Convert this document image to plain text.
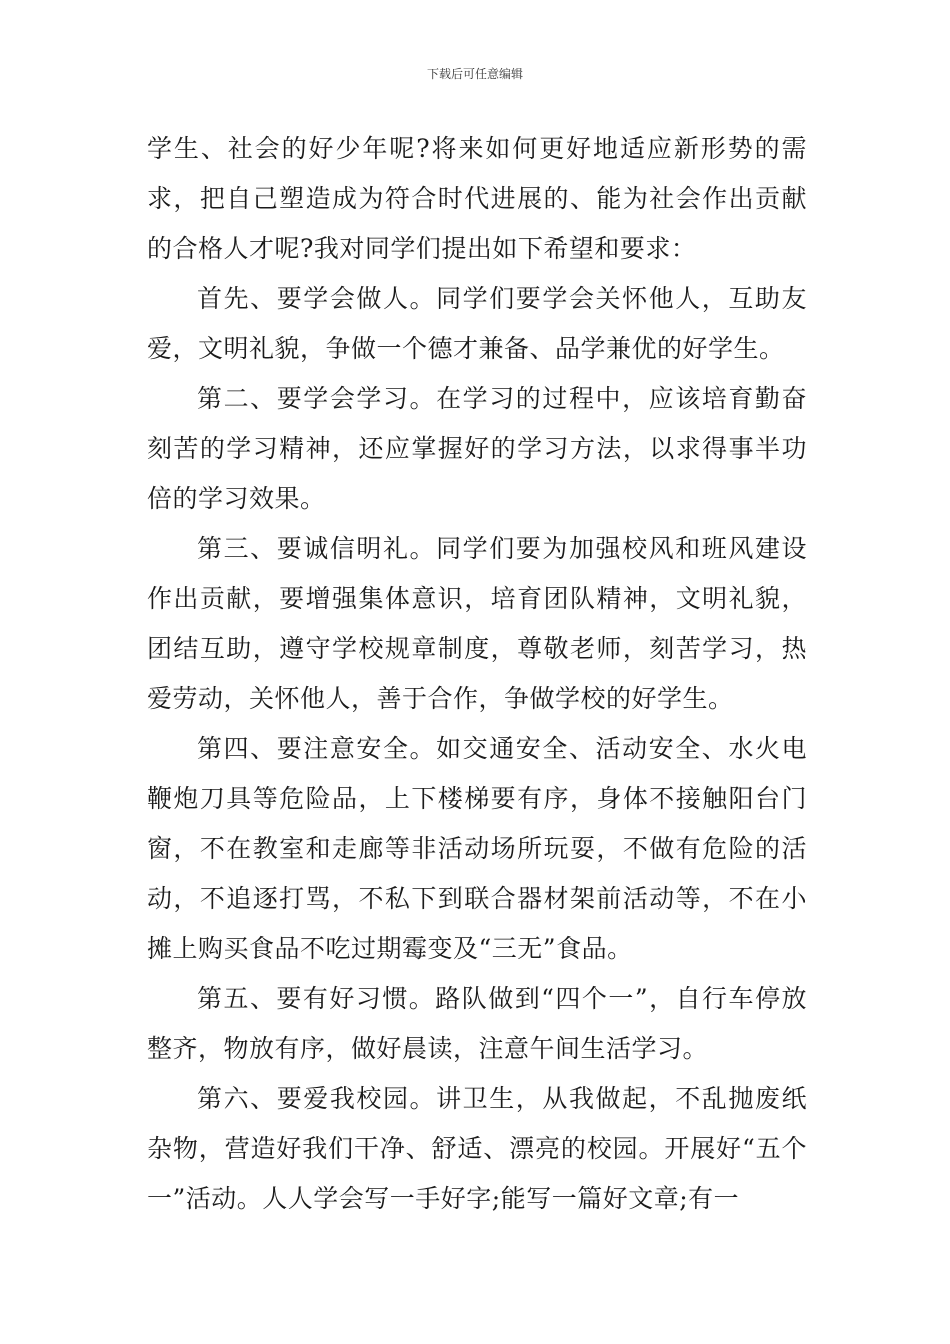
下载后可任意编辑

学生、社会的好少年呢?将来如何更好地适应新形势的需求，把自己塑造成为符合时代进展的、能为社会作出贡献的合格人才呢?我对同学们提出如下希望和要求：

首先、要学会做人。同学们要学会关怀他人，互助友爱，文明礼貌，争做一个德才兼备、品学兼优的好学生。

第二、要学会学习。在学习的过程中，应该培育勤奋刻苦的学习精神，还应掌握好的学习方法，以求得事半功倍的学习效果。

第三、要诚信明礼。同学们要为加强校风和班风建设作出贡献，要增强集体意识，培育团队精神，文明礼貌，团结互助，遵守学校规章制度，尊敬老师，刻苦学习，热爱劳动，关怀他人，善于合作，争做学校的好学生。

第四、要注意安全。如交通安全、活动安全、水火电鞭炮刀具等危险品，上下楼梯要有序，身体不接触阳台门窗，不在教室和走廊等非活动场所玩耍，不做有危险的活动，不追逐打骂，不私下到联合器材架前活动等，不在小摊上购买食品不吃过期霉变及“三无”食品。

第五、要有好习惯。路队做到“四个一”，自行车停放整齐，物放有序，做好晨读，注意午间生活学习。

第六、要爱我校园。讲卫生，从我做起，不乱抛废纸杂物，营造好我们干净、舒适、漂亮的校园。开展好“五个一”活动。人人学会写一手好字;能写一篇好文章;有一
